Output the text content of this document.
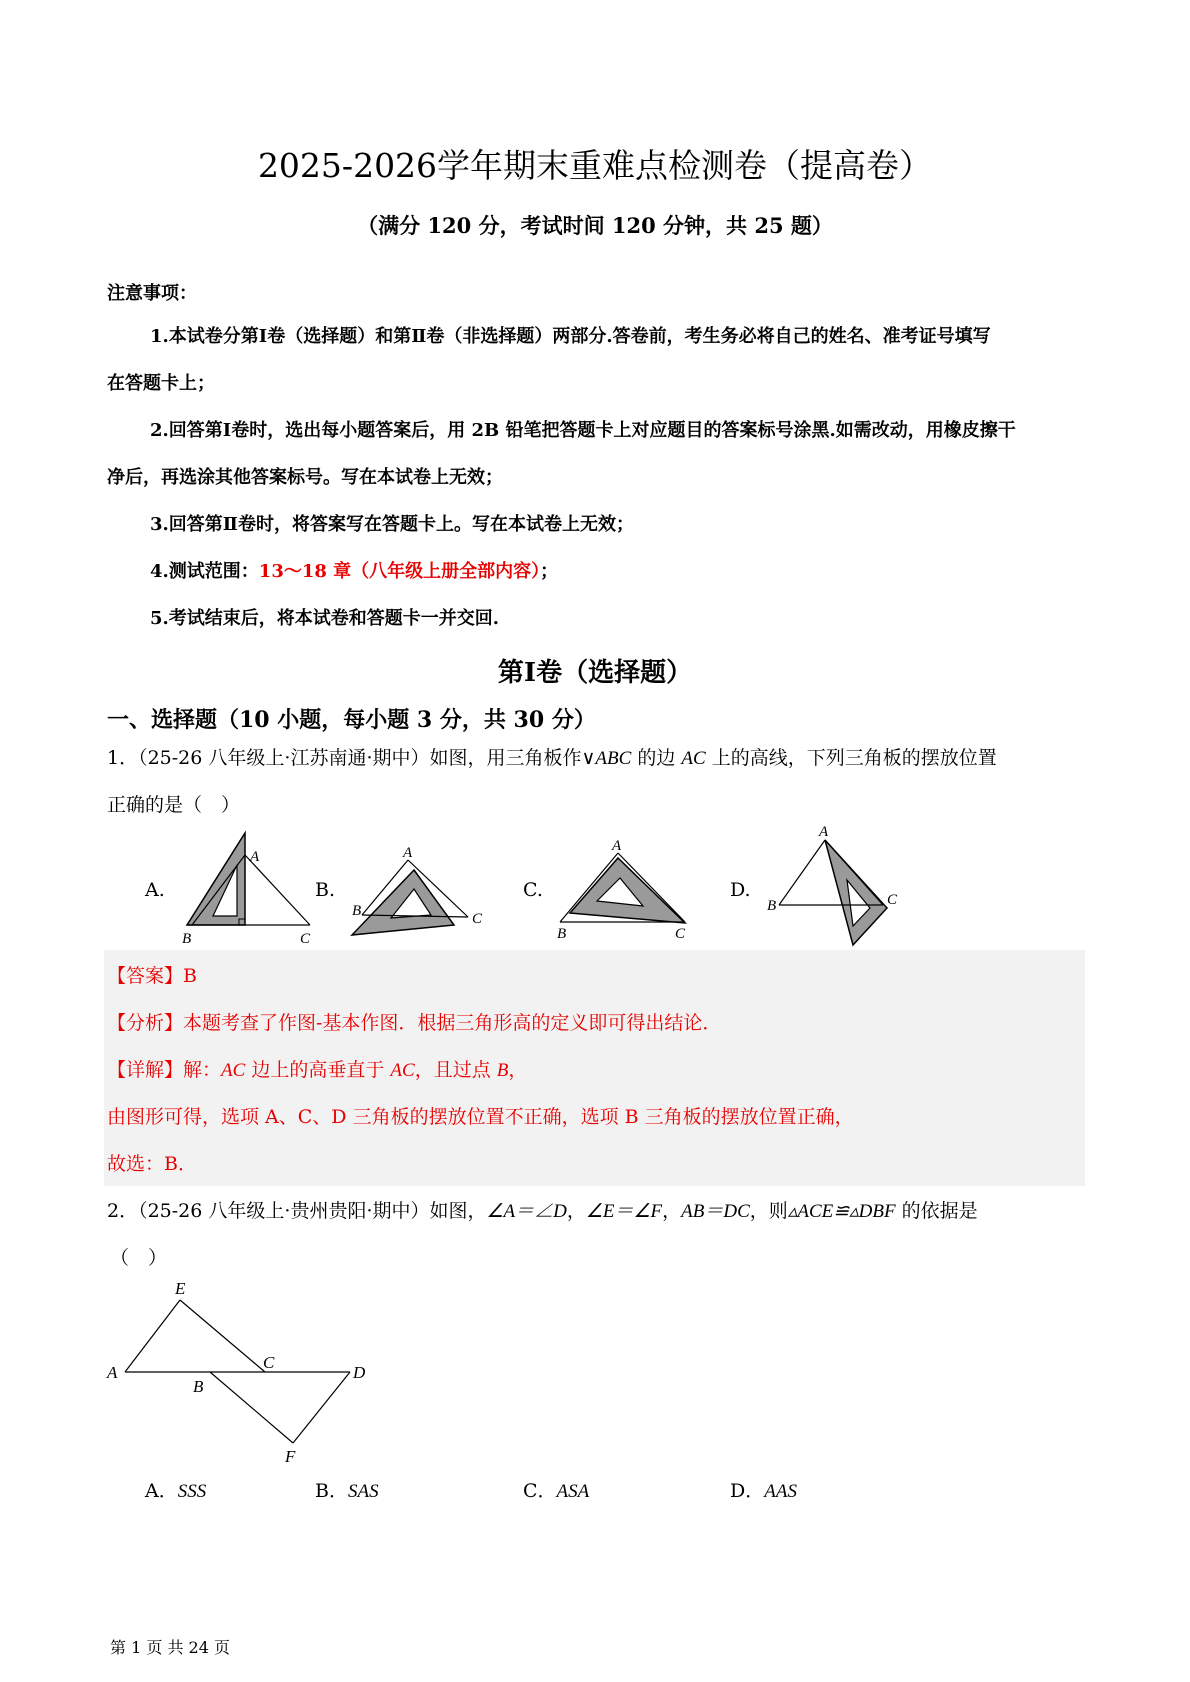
2025-2026学年期末重难点检测卷（提高卷）
（满分 120 分，考试时间 120 分钟，共 25 题）
注意事项：
1.本试卷分第Ⅰ卷（选择题）和第Ⅱ卷（非选择题）两部分.答卷前，考生务必将自己的姓名、准考证号填写
在答题卡上；
2.回答第Ⅰ卷时，选出每小题答案后，用 2B 铅笔把答题卡上对应题目的答案标号涂黑.如需改动，用橡皮擦干
净后，再选涂其他答案标号。写在本试卷上无效；
3.回答第Ⅱ卷时，将答案写在答题卡上。写在本试卷上无效；
4.测试范围：13～18 章（八年级上册全部内容）；
5.考试结束后，将本试卷和答题卡一并交回.
第Ⅰ卷（选择题）
一、选择题（10 小题，每小题 3 分，共 30 分）
1．（25-26 八年级上·江苏南通·期中）如图，用三角板作∨ABC 的边 AC 上的高线，下列三角板的摆放位置
正确的是（　）
A.	B.	C.	D.
A
B	C
A
B	C
A
B	C
A
B	C
【答案】B
【分析】本题考查了作图-基本作图．根据三角形高的定义即可得出结论．
【详解】解：AC 边上的高垂直于 AC，且过点 B，
由图形可得，选项 A、C、D 三角板的摆放位置不正确，选项 B 三角板的摆放位置正确，
故选：B．
2．（25-26 八年级上·贵州贵阳·期中）如图，∠A＝∠D，∠E＝∠F，AB＝DC，则▵ACE≌▵DBF 的依据是
（　）
E
A
B
C
D
F
A．SSS	B．SAS	C．ASA	D．AAS
第 1 页 共 24 页
